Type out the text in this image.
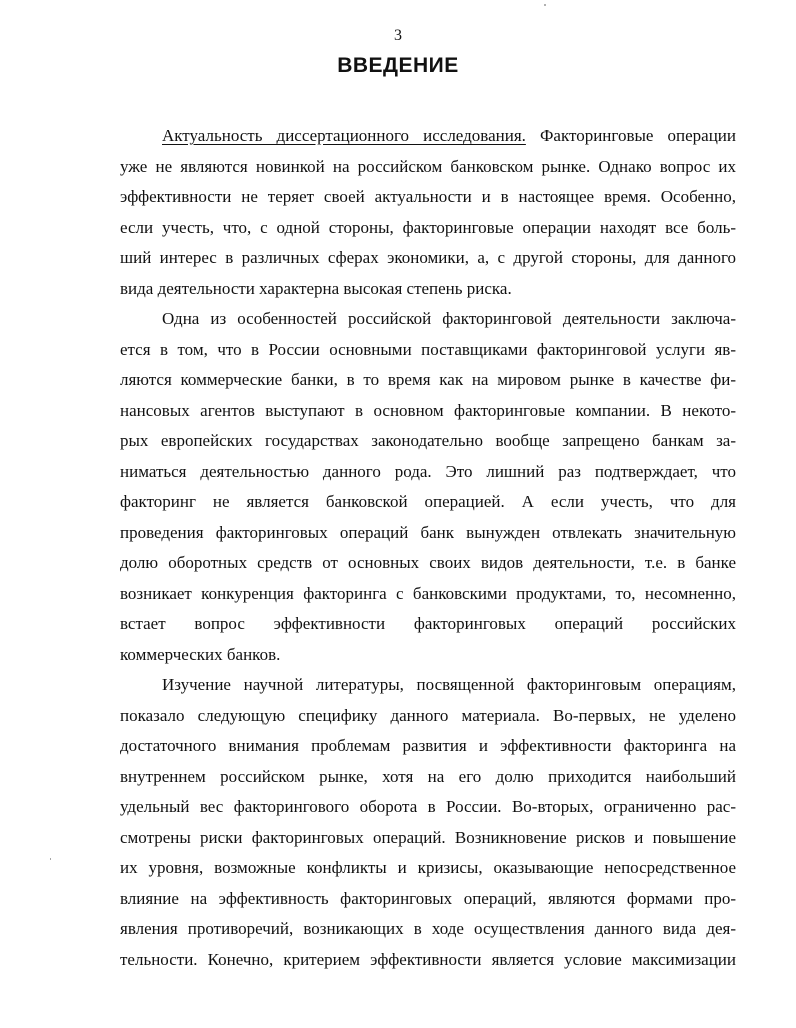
3
ВВЕДЕНИЕ
Актуальность диссертационного исследования. Факторинговые операции
уже не являются новинкой на российском банковском рынке. Однако вопрос их
эффективности не теряет своей актуальности и в настоящее время. Особенно,
если учесть, что, с одной стороны, факторинговые операции находят все боль-
ший интерес в различных сферах экономики, а, с другой стороны, для данного
вида деятельности характерна высокая степень риска.
Одна из особенностей российской факторинговой деятельности заключа-
ется в том, что в России основными поставщиками факторинговой услуги яв-
ляются коммерческие банки, в то время как на мировом рынке в качестве фи-
нансовых агентов выступают в основном факторинговые компании. В некото-
рых европейских государствах законодательно вообще запрещено банкам за-
ниматься деятельностью данного рода. Это лишний раз подтверждает, что
факторинг не является банковской операцией. А если учесть, что для
проведения факторинговых операций банк вынужден отвлекать значительную
долю оборотных средств от основных своих видов деятельности, т.е. в банке
возникает конкуренция факторинга с банковскими продуктами, то, несомненно,
встает вопрос эффективности факторинговых операций российских
коммерческих банков.
Изучение научной литературы, посвященной факторинговым операциям,
показало следующую специфику данного материала. Во-первых, не уделено
достаточного внимания проблемам развития и эффективности факторинга на
внутреннем российском рынке, хотя на его долю приходится наибольший
удельный вес факторингового оборота в России. Во-вторых, ограниченно рас-
смотрены риски факторинговых операций. Возникновение рисков и повышение
их уровня, возможные конфликты и кризисы, оказывающие непосредственное
влияние на эффективность факторинговых операций, являются формами про-
явления противоречий, возникающих в ходе осуществления данного вида дея-
тельности. Конечно, критерием эффективности является условие максимизации
